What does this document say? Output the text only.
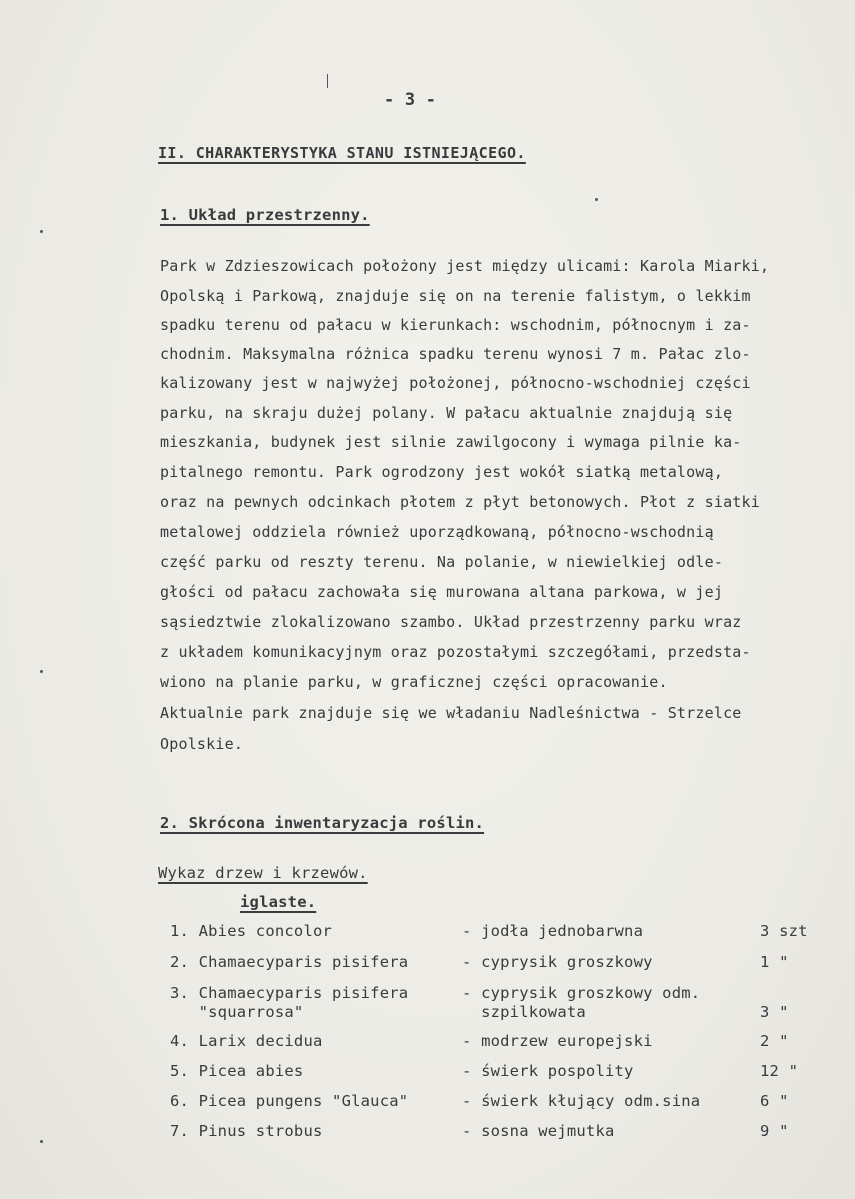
- 3 -
II. CHARAKTERYSTYKA STANU ISTNIEJĄCEGO.
1. Układ przestrzenny.
Park w Zdzieszowicach położony jest między ulicami: Karola Miarki,
Opolską i Parkową, znajduje się on na terenie falistym, o lekkim
spadku terenu od pałacu w kierunkach: wschodnim, północnym i za-
chodnim. Maksymalna różnica spadku terenu wynosi 7 m. Pałac zlo-
kalizowany jest w najwyżej położonej, północno-wschodniej części
parku, na skraju dużej polany. W pałacu aktualnie znajdują się
mieszkania, budynek jest silnie zawilgocony i wymaga pilnie ka-
pitalnego remontu. Park ogrodzony jest wokół siatką metalową,
oraz na pewnych odcinkach płotem z płyt betonowych. Płot z siatki
metalowej oddziela również uporządkowaną, północno-wschodnią
część parku od reszty terenu. Na polanie, w niewielkiej odle-
głości od pałacu zachowała się murowana altana parkowa, w jej
sąsiedztwie zlokalizowano szambo. Układ przestrzenny parku wraz
z układem komunikacyjnym oraz pozostałymi szczegółami, przedsta-
wiono na planie parku, w graficznej części opracowanie.
Aktualnie park znajduje się we władaniu Nadleśnictwa - Strzelce
Opolskie.
2. Skrócona inwentaryzacja roślin.
Wykaz drzew i krzewów.
iglaste.
1. Abies concolor	- jodła jednobarwna	3 szt
2. Chamaecyparis pisifera	- cyprysik groszkowy	1 "
3. Chamaecyparis pisifera
"squarrosa"
- cyprysik groszkowy odm.
szpilkowata	3 "
4. Larix decidua	- modrzew europejski	2 "
5. Picea abies	- świerk pospolity	12 "
6. Picea pungens "Glauca"	- świerk kłujący odm.sina	6 "
7. Pinus strobus	- sosna wejmutka	9 "
